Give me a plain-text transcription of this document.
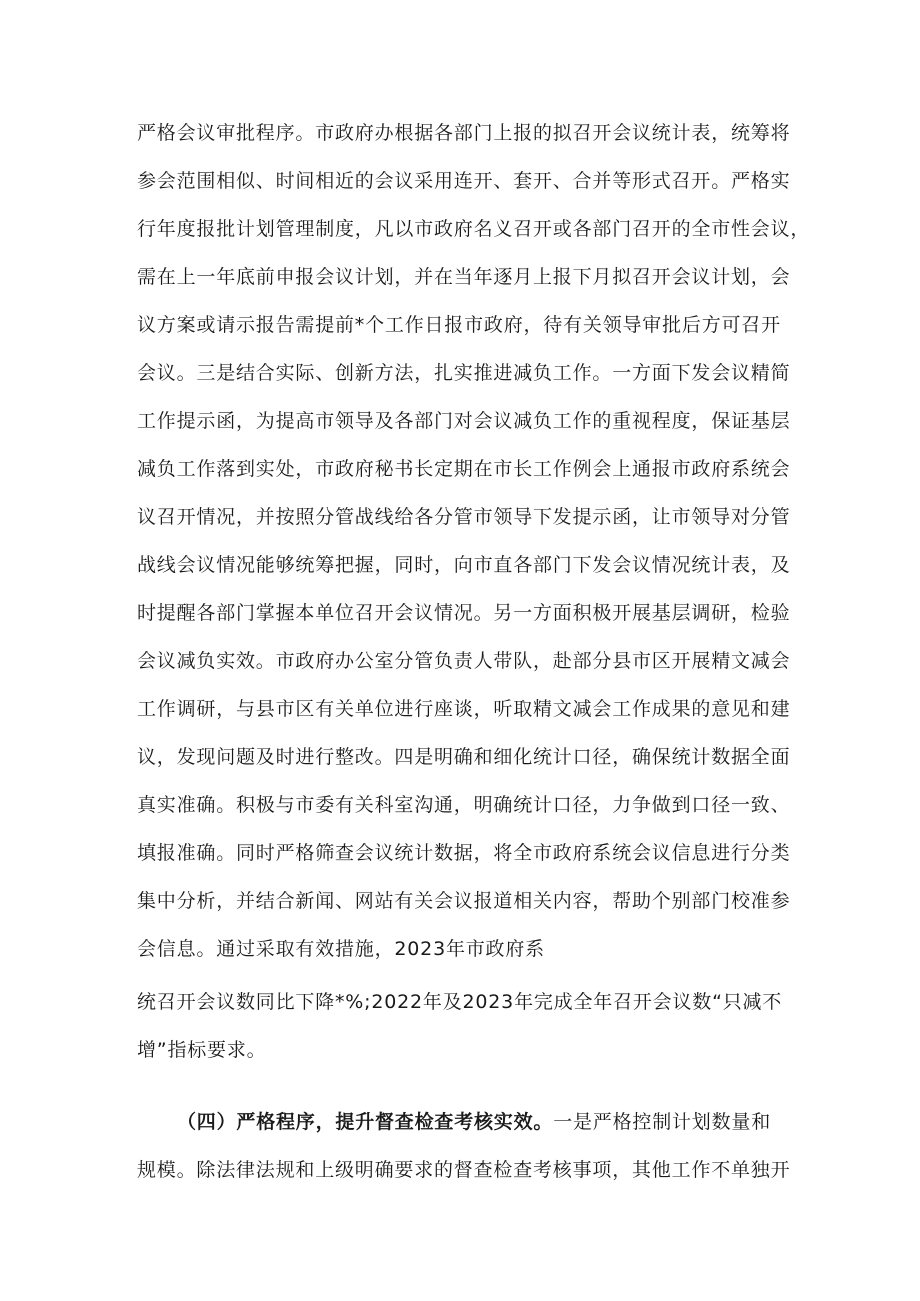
严格会议审批程序。市政府办根据各部门上报的拟召开会议统计表，统筹将
参会范围相似、时间相近的会议采用连开、套开、合并等形式召开。严格实
行年度报批计划管理制度，凡以市政府名义召开或各部门召开的全市性会议，
需在上一年底前申报会议计划，并在当年逐月上报下月拟召开会议计划，会
议方案或请示报告需提前*个工作日报市政府，待有关领导审批后方可召开
会议。三是结合实际、创新方法，扎实推进减负工作。一方面下发会议精简
工作提示函，为提高市领导及各部门对会议减负工作的重视程度，保证基层
减负工作落到实处，市政府秘书长定期在市长工作例会上通报市政府系统会
议召开情况，并按照分管战线给各分管市领导下发提示函，让市领导对分管
战线会议情况能够统筹把握，同时，向市直各部门下发会议情况统计表，及
时提醒各部门掌握本单位召开会议情况。另一方面积极开展基层调研，检验
会议减负实效。市政府办公室分管负责人带队，赴部分县市区开展精文减会
工作调研，与县市区有关单位进行座谈，听取精文减会工作成果的意见和建
议，发现问题及时进行整改。四是明确和细化统计口径，确保统计数据全面
真实准确。积极与市委有关科室沟通，明确统计口径，力争做到口径一致、
填报准确。同时严格筛查会议统计数据，将全市政府系统会议信息进行分类
集中分析，并结合新闻、网站有关会议报道相关内容，帮助个别部门校准参
会信息。通过采取有效措施，2023年市政府系
统召开会议数同比下降*%;2022年及2023年完成全年召开会议数“只减不
增”指标要求。
（四）严格程序，提升督查检查考核实效。一是严格控制计划数量和
规模。除法律法规和上级明确要求的督查检查考核事项，其他工作不单独开
